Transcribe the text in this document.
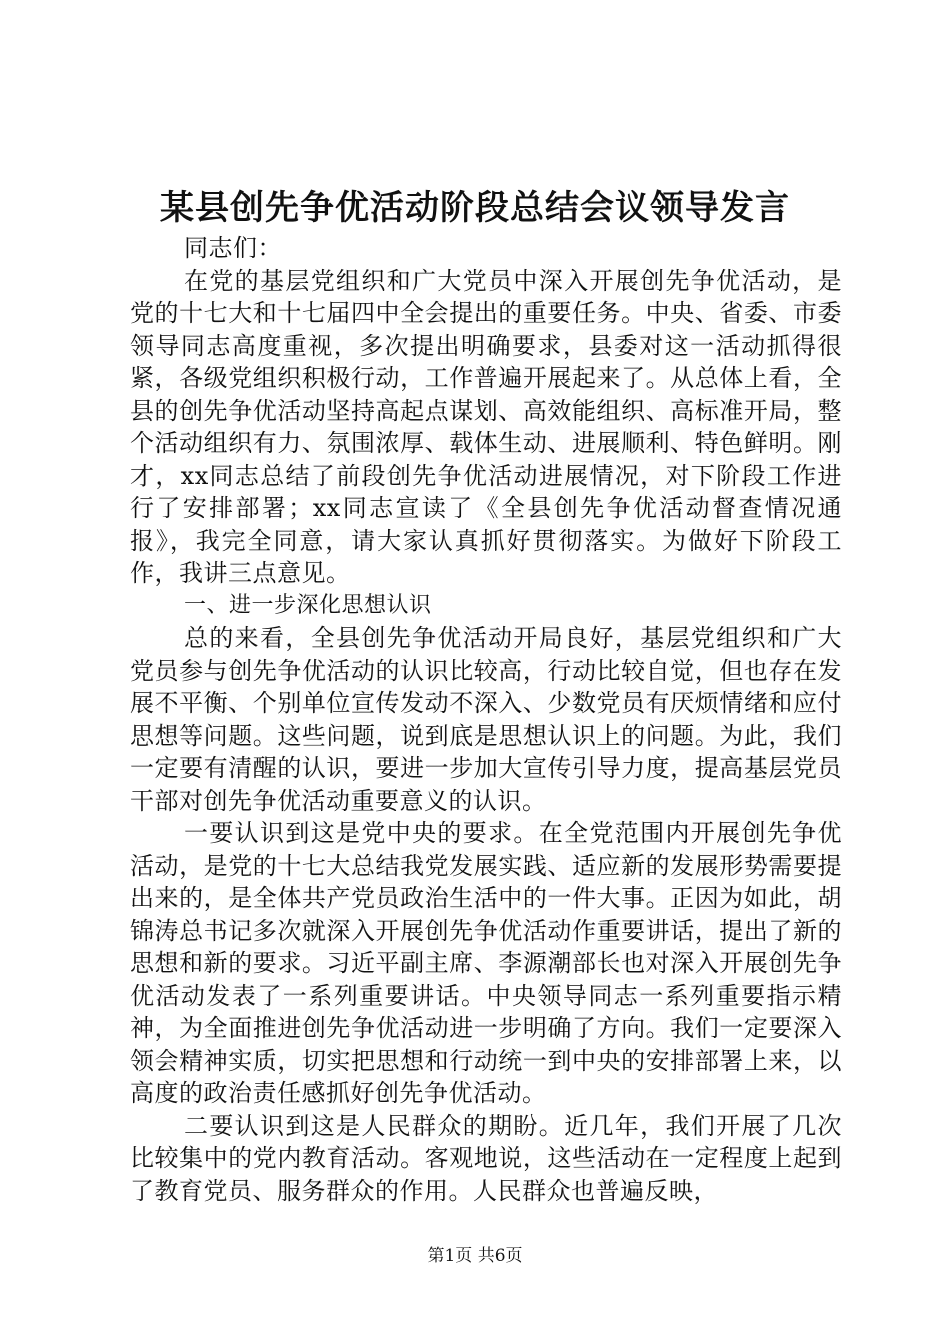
某县创先争优活动阶段总结会议领导发言

同志们：

在党的基层党组织和广大党员中深入开展创先争优活动，是党的十七大和十七届四中全会提出的重要任务。中央、省委、市委领导同志高度重视，多次提出明确要求，县委对这一活动抓得很紧，各级党组织积极行动，工作普遍开展起来了。从总体上看，全县的创先争优活动坚持高起点谋划、高效能组织、高标准开局，整个活动组织有力、氛围浓厚、载体生动、进展顺利、特色鲜明。刚才，xx同志总结了前段创先争优活动进展情况，对下阶段工作进行了安排部署；xx同志宣读了《全县创先争优活动督查情况通报》，我完全同意，请大家认真抓好贯彻落实。为做好下阶段工作，我讲三点意见。

一、进一步深化思想认识

总的来看，全县创先争优活动开局良好，基层党组织和广大党员参与创先争优活动的认识比较高，行动比较自觉，但也存在发展不平衡、个别单位宣传发动不深入、少数党员有厌烦情绪和应付思想等问题。这些问题，说到底是思想认识上的问题。为此，我们一定要有清醒的认识，要进一步加大宣传引导力度，提高基层党员干部对创先争优活动重要意义的认识。

一要认识到这是党中央的要求。在全党范围内开展创先争优活动，是党的十七大总结我党发展实践、适应新的发展形势需要提出来的，是全体共产党员政治生活中的一件大事。正因为如此，胡锦涛总书记多次就深入开展创先争优活动作重要讲话，提出了新的思想和新的要求。习近平副主席、李源潮部长也对深入开展创先争优活动发表了一系列重要讲话。中央领导同志一系列重要指示精神，为全面推进创先争优活动进一步明确了方向。我们一定要深入领会精神实质，切实把思想和行动统一到中央的安排部署上来，以高度的政治责任感抓好创先争优活动。

二要认识到这是人民群众的期盼。近几年，我们开展了几次比较集中的党内教育活动。客观地说，这些活动在一定程度上起到了教育党员、服务群众的作用。人民群众也普遍反映，

第1页 共6页
